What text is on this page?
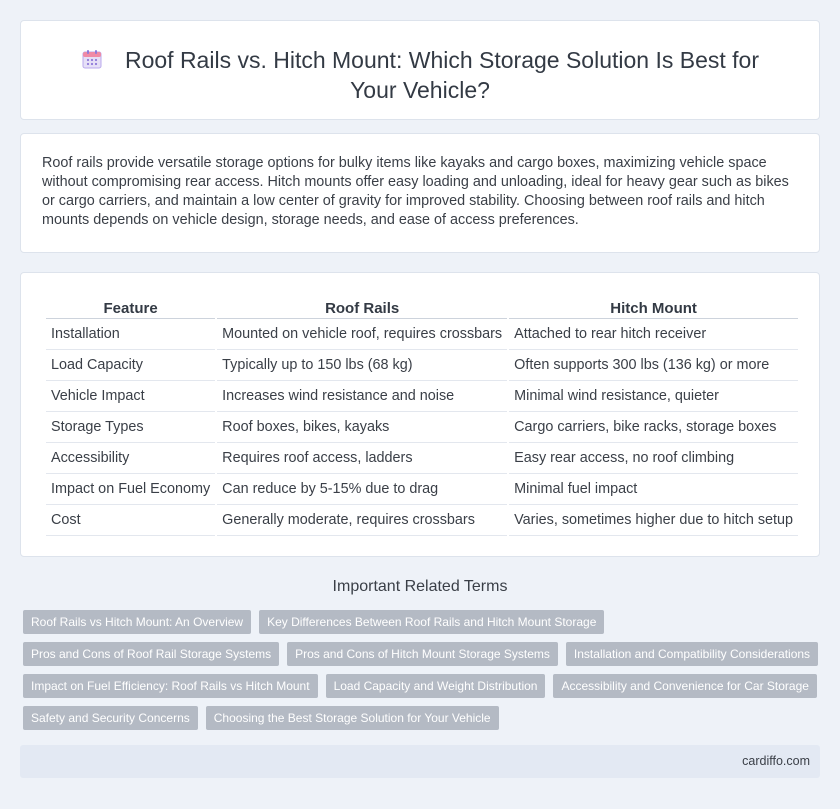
Roof Rails vs. Hitch Mount: Which Storage Solution Is Best for Your Vehicle?

Roof rails provide versatile storage options for bulky items like kayaks and cargo boxes, maximizing vehicle space without compromising rear access. Hitch mounts offer easy loading and unloading, ideal for heavy gear such as bikes or cargo carriers, and maintain a low center of gravity for improved stability. Choosing between roof rails and hitch mounts depends on vehicle design, storage needs, and ease of access preferences.

Feature	Roof Rails	Hitch Mount
Installation	Mounted on vehicle roof, requires crossbars	Attached to rear hitch receiver
Load Capacity	Typically up to 150 lbs (68 kg)	Often supports 300 lbs (136 kg) or more
Vehicle Impact	Increases wind resistance and noise	Minimal wind resistance, quieter
Storage Types	Roof boxes, bikes, kayaks	Cargo carriers, bike racks, storage boxes
Accessibility	Requires roof access, ladders	Easy rear access, no roof climbing
Impact on Fuel Economy	Can reduce by 5-15% due to drag	Minimal fuel impact
Cost	Generally moderate, requires crossbars	Varies, sometimes higher due to hitch setup
Important Related Terms
Roof Rails vs Hitch Mount: An Overview	Key Differences Between Roof Rails and Hitch Mount Storage
Pros and Cons of Roof Rail Storage Systems	Pros and Cons of Hitch Mount Storage Systems	Installation and Compatibility Considerations
Impact on Fuel Efficiency: Roof Rails vs Hitch Mount	Load Capacity and Weight Distribution	Accessibility and Convenience for Car Storage
Safety and Security Concerns	Choosing the Best Storage Solution for Your Vehicle
cardiffo.com
